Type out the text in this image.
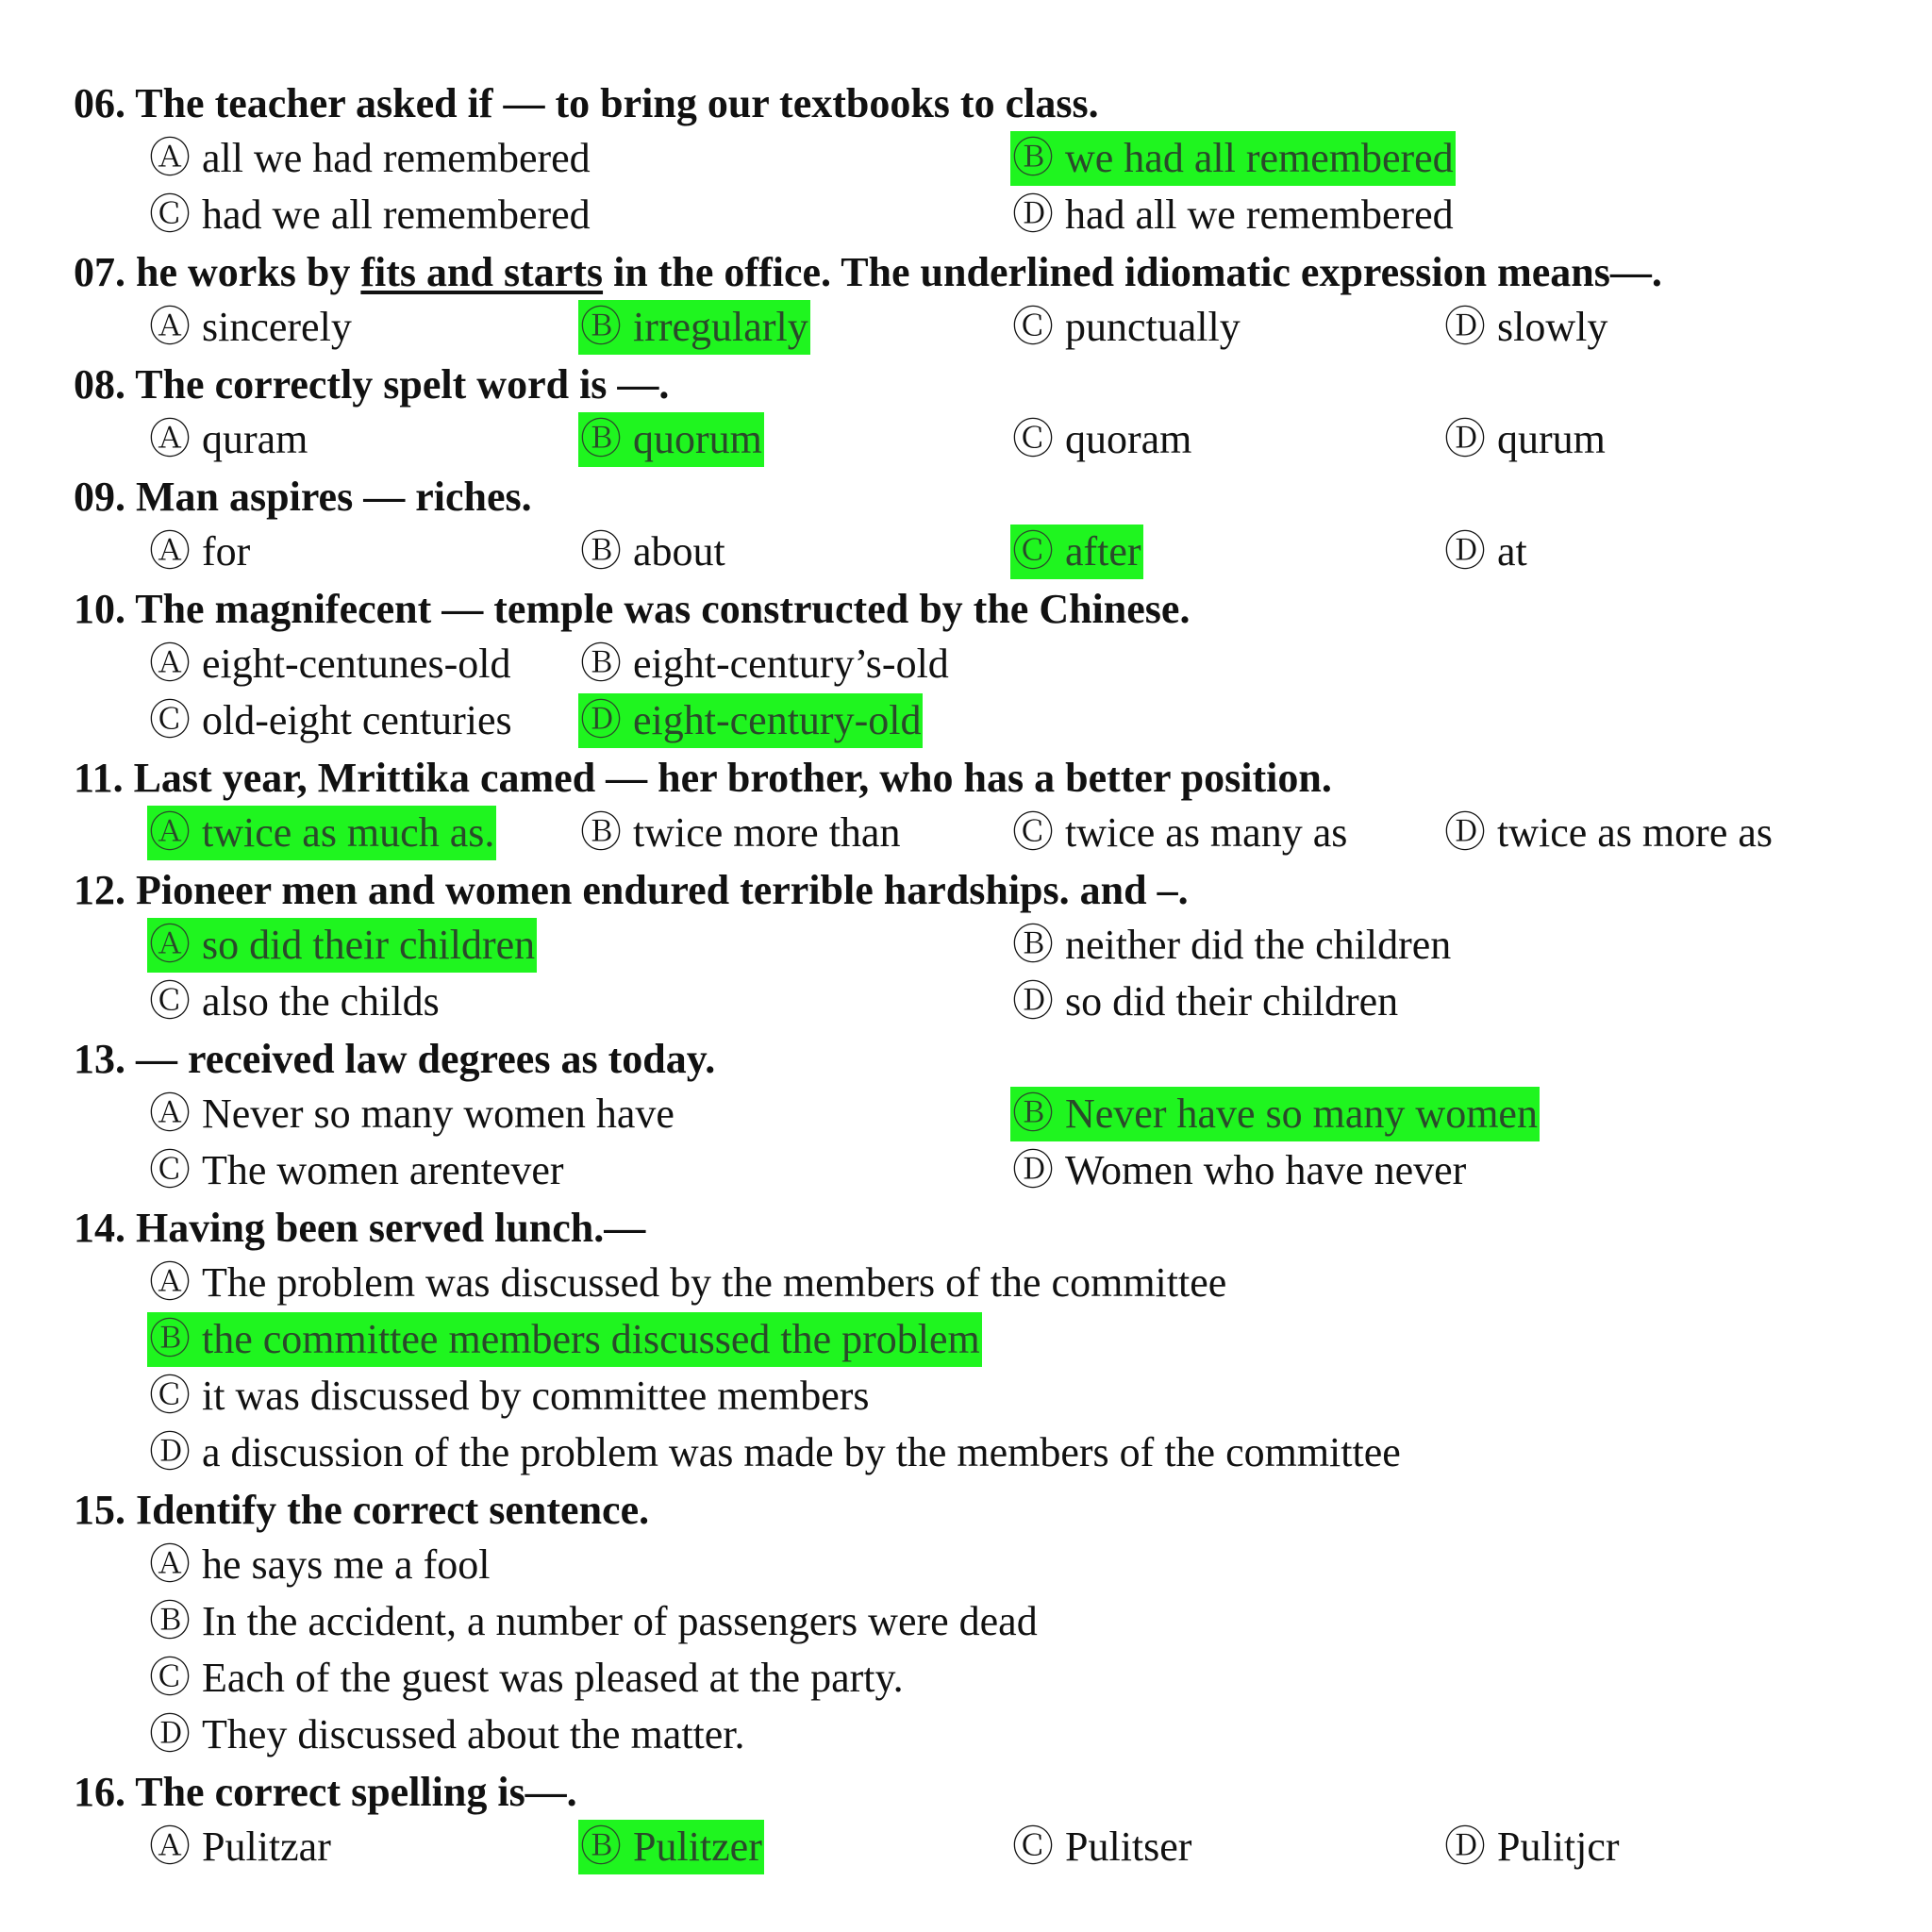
06. The teacher asked if — to bring our textbooks to class.
Ⓐ all we had remembered	Ⓑ we had all remembered
Ⓒ had we all remembered	Ⓓ had all we remembered
07. he works by fits and starts in the office. The underlined idiomatic expression means—.
Ⓐ sincerely	Ⓑ irregularly	Ⓒ punctually	Ⓓ slowly
08. The correctly spelt word is —.
Ⓐ quram	Ⓑ quorum	Ⓒ quoram	Ⓓ qurum
09. Man aspires — riches.
Ⓐ for	Ⓑ about	Ⓒ after	Ⓓ at
10. The magnifecent — temple was constructed by the Chinese.
Ⓐ eight-centunes-old Ⓑ eight-century’s-old
Ⓒ old-eight centuries Ⓓ eight-century-old
11. Last year, Mrittika camed — her brother, who has a better position.
Ⓐ twice as much as. Ⓑ twice more than	Ⓒ twice as many as Ⓓ twice as more as
12. Pioneer men and women endured terrible hardships. and –.
Ⓐ so did their children	Ⓑ neither did the children
Ⓒ also the childs	Ⓓ so did their children
13. — received law degrees as today.
Ⓐ Never so many women have	Ⓑ Never have so many women
Ⓒ The women arentever	Ⓓ Women who have never
14. Having been served lunch.—
Ⓐ The problem was discussed by the members of the committee
Ⓑ the committee members discussed the problem
Ⓒ it was discussed by committee members
Ⓓ a discussion of the problem was made by the members of the committee
15. Identify the correct sentence.
Ⓐ he says me a fool
Ⓑ In the accident, a number of passengers were dead
Ⓒ Each of the guest was pleased at the party.
Ⓓ They discussed about the matter.
16. The correct spelling is—.
Ⓐ Pulitzar	Ⓑ Pulitzer	Ⓒ Pulitser	Ⓓ Pulitjcr
